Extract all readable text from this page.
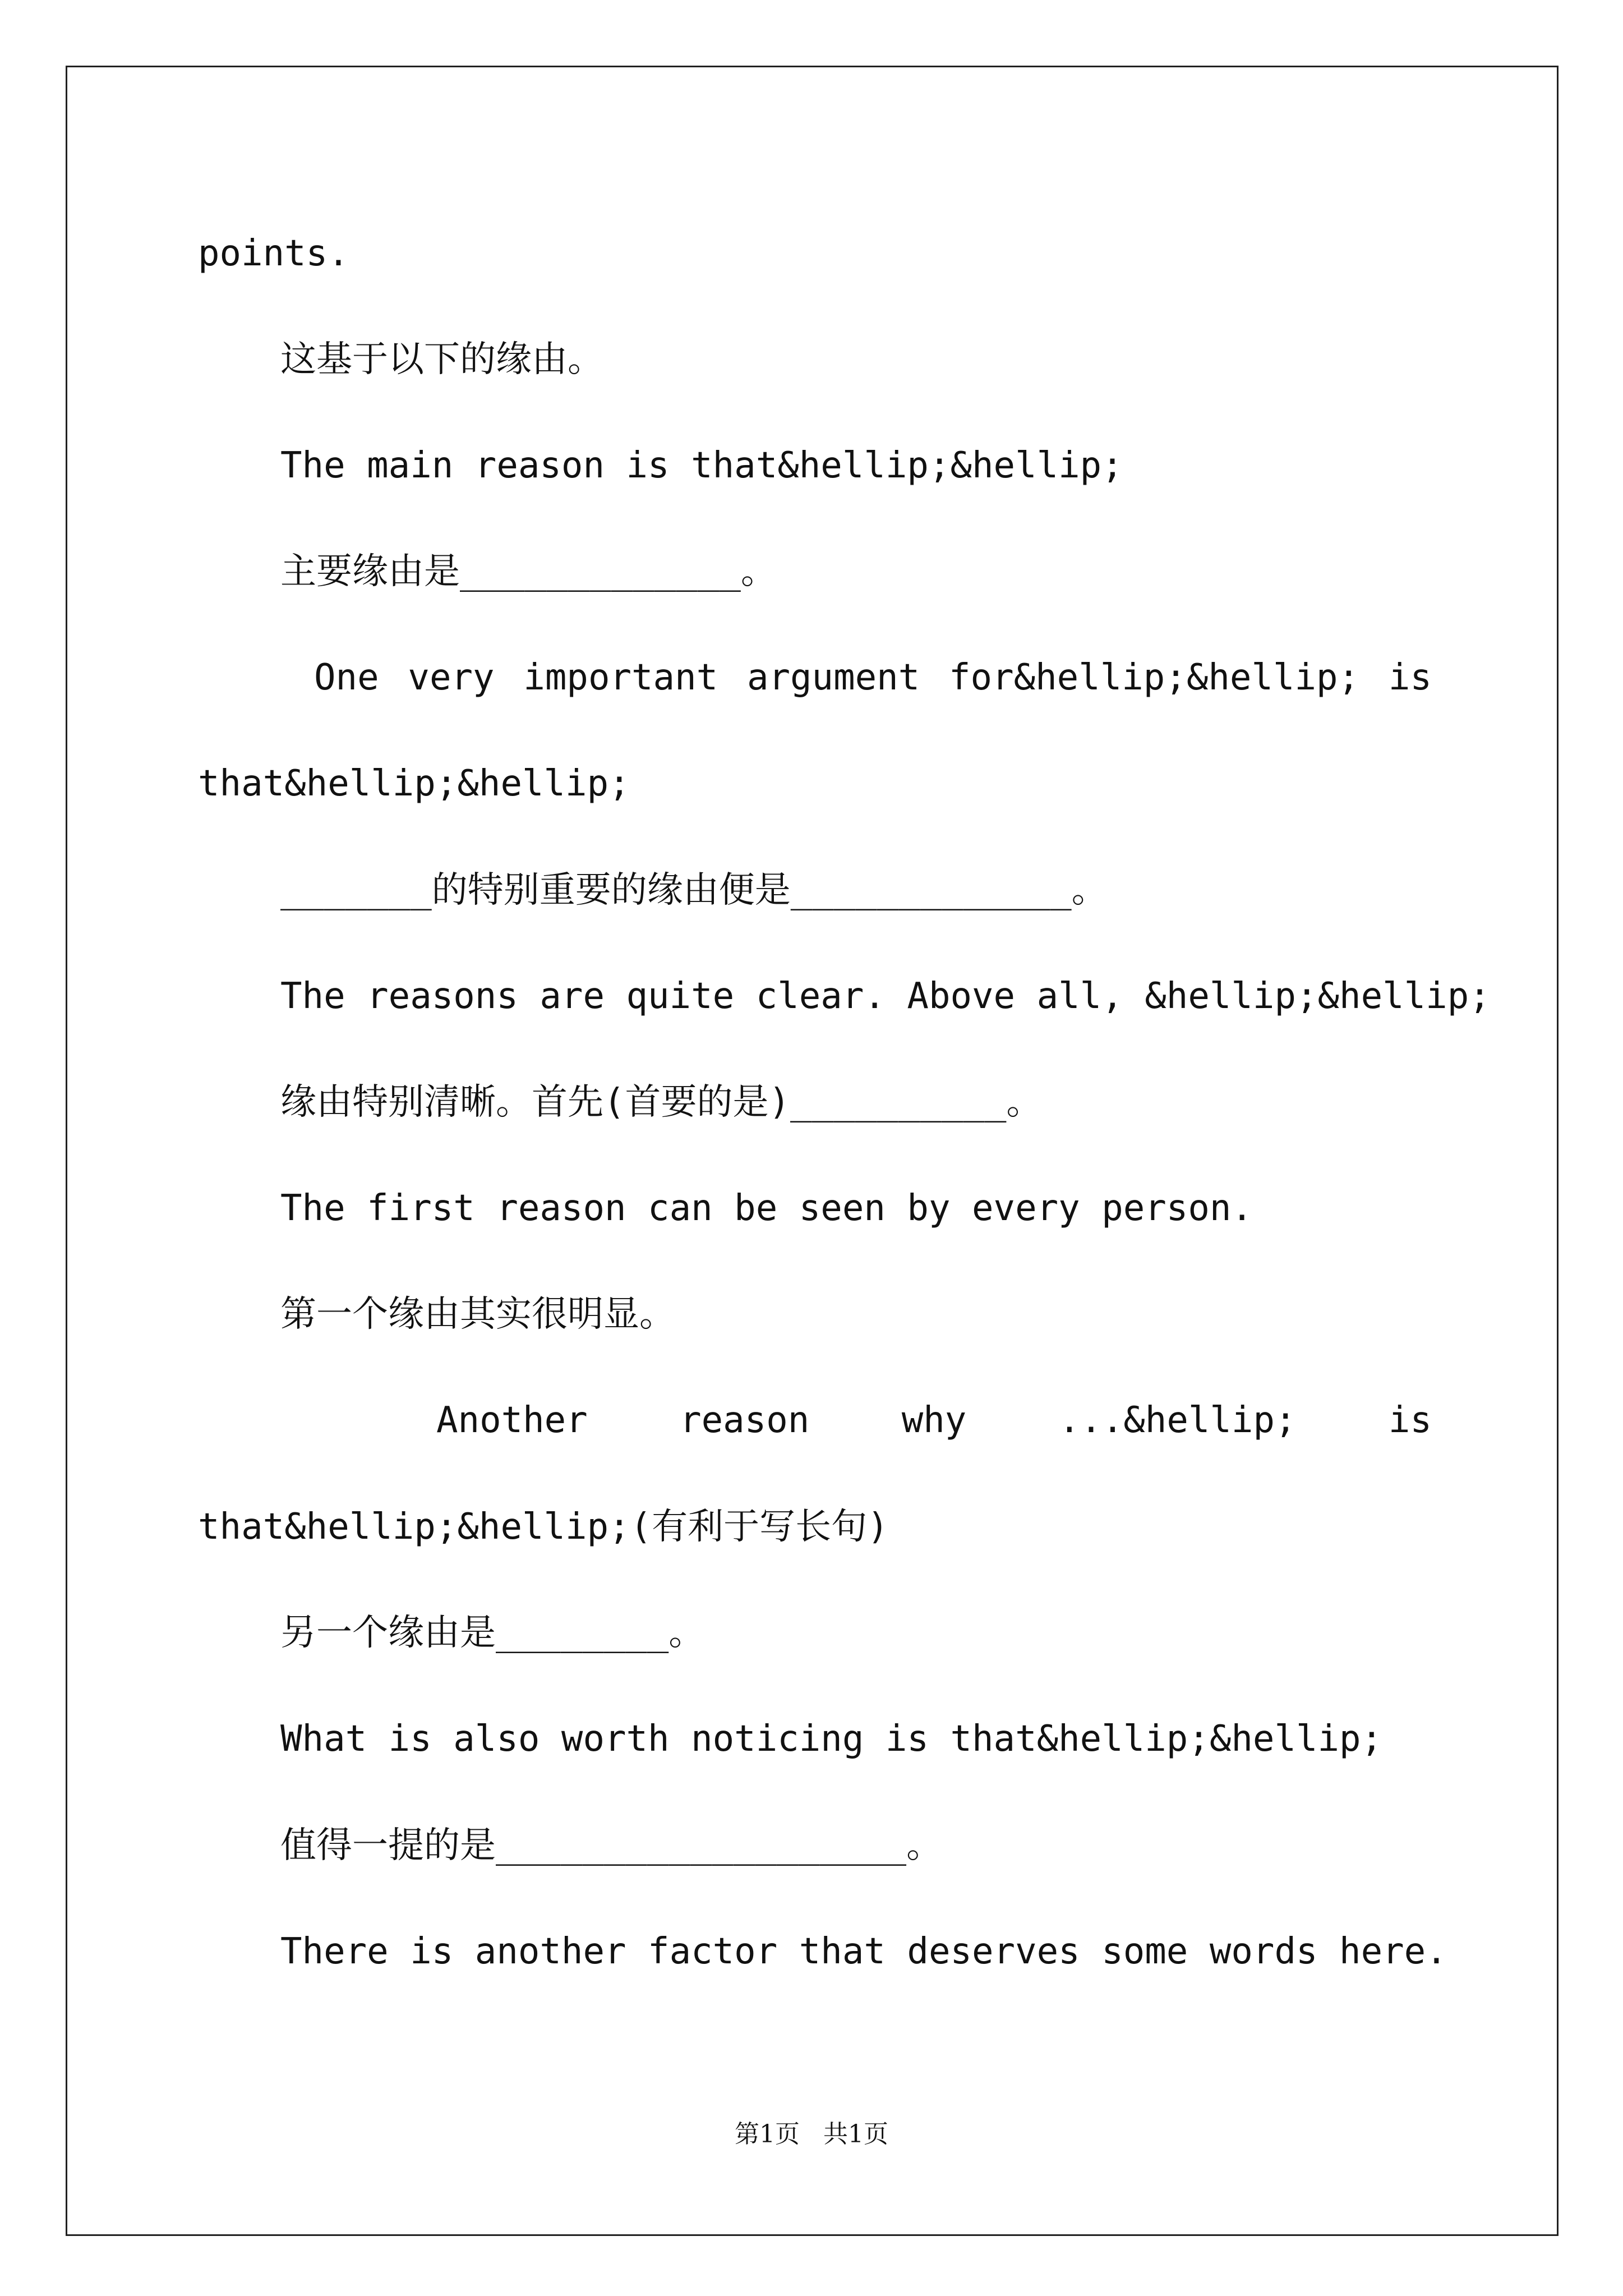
points.
这基于以下的缘由。
The main reason is that&hellip;&hellip;
主要缘由是_____________。
One very important argument for&hellip;&hellip; is
that&hellip;&hellip;
_______的特别重要的缘由便是_____________。
The reasons are quite clear. Above all, &hellip;&hellip;
缘由特别清晰。首先(首要的是)__________。
The first reason can be seen by every person.
第一个缘由其实很明显。
Another	reason	why	...&hellip;	is
that&hellip;&hellip;(有利于写长句)
另一个缘由是________。
What is also worth noticing is that&hellip;&hellip;
值得一提的是___________________。
There is another factor that deserves some words here.
第1页   共1页
